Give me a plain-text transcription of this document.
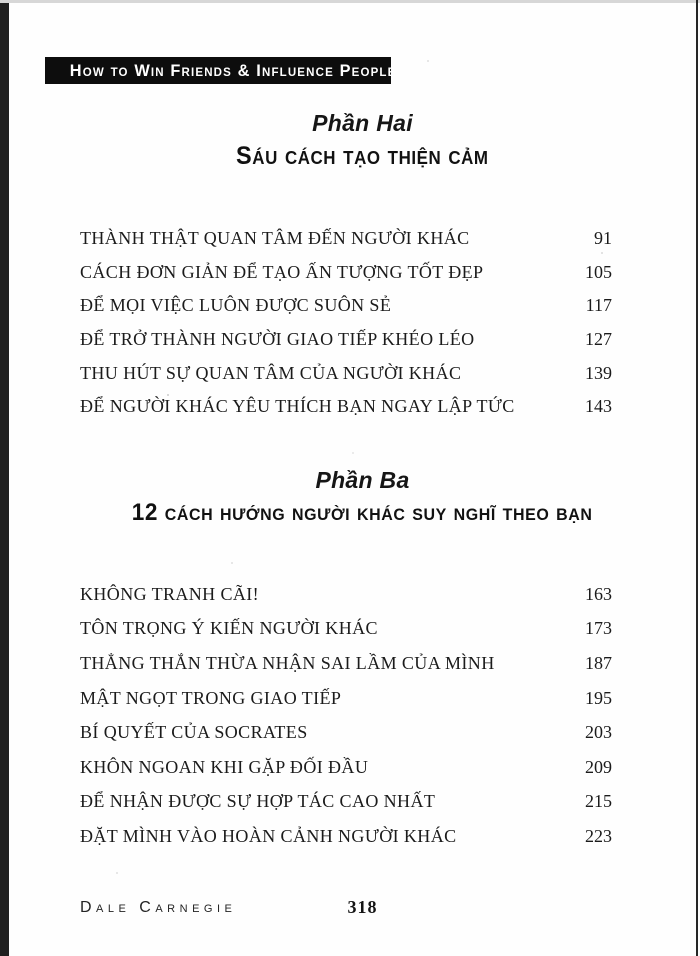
How to Win Friends & Influence People
Phần Hai
Sáu cách tạo thiện cảm
THÀNH THẬT QUAN TÂM ĐẾN NGƯỜI KHÁC	91
CÁCH ĐƠN GIẢN ĐỂ TẠO ẤN TƯỢNG TỐT ĐẸP	105
ĐỂ MỌI VIỆC LUÔN ĐƯỢC SUÔN SẺ	117
ĐỂ TRỞ THÀNH NGƯỜI GIAO TIẾP KHÉO LÉO	127
THU HÚT SỰ QUAN TÂM CỦA NGƯỜI KHÁC	139
ĐỂ NGƯỜI KHÁC YÊU THÍCH BẠN NGAY LẬP TỨC	143
Phần Ba
12 cách hướng người khác suy nghĩ theo bạn
KHÔNG TRANH CÃI!	163
TÔN TRỌNG Ý KIẾN NGƯỜI KHÁC	173
THẲNG THẮN THỪA NHẬN SAI LẦM CỦA MÌNH	187
MẬT NGỌT TRONG GIAO TIẾP	195
BÍ QUYẾT CỦA SOCRATES	203
KHÔN NGOAN KHI GẶP ĐỐI ĐẦU	209
ĐỂ NHẬN ĐƯỢC SỰ HỢP TÁC CAO NHẤT	215
ĐẶT MÌNH VÀO HOÀN CẢNH NGƯỜI KHÁC	223
Dale Carnegie	318
